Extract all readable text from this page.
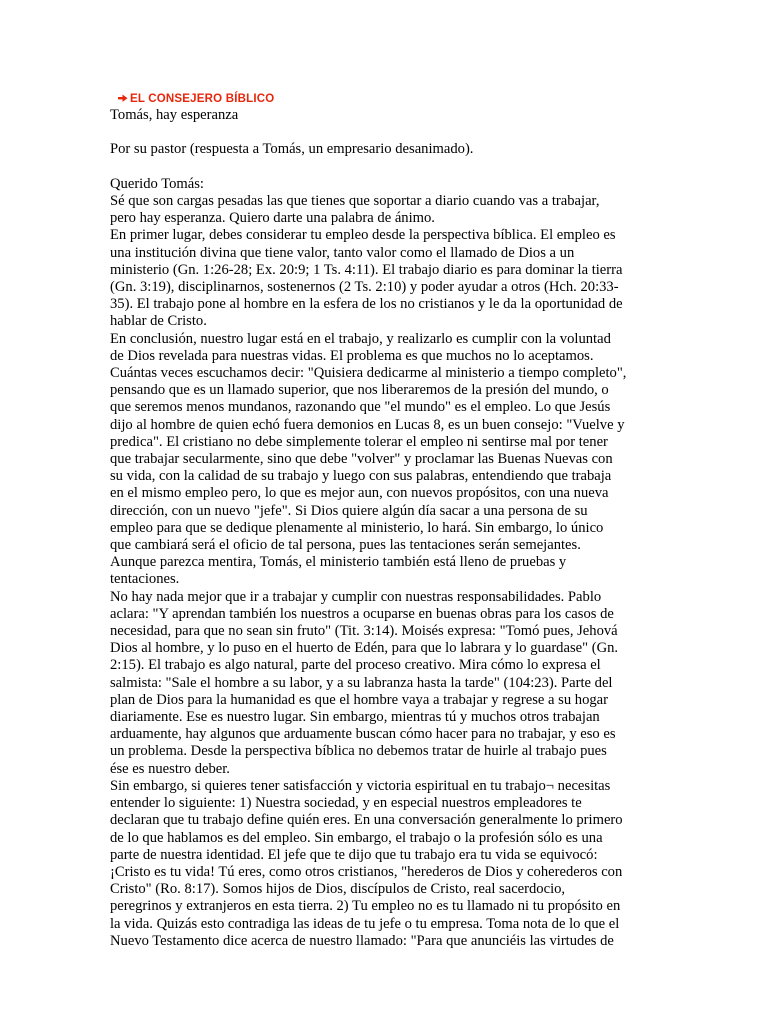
EL CONSEJERO BÍBLICO
Tomás, hay esperanza
Por su pastor (respuesta a Tomás, un empresario desanimado).
Querido Tomás:
Sé que son cargas pesadas las que tienes que soportar a diario cuando vas a trabajar,
pero hay esperanza. Quiero darte una palabra de ánimo.
En primer lugar, debes considerar tu empleo desde la perspectiva bíblica. El empleo es
una institución divina que tiene valor, tanto valor como el llamado de Dios a un
ministerio (Gn. 1:26-28; Ex. 20:9; 1 Ts. 4:11). El trabajo diario es para dominar la tierra
(Gn. 3:19), disciplinarnos, sostenernos (2 Ts. 2:10) y poder ayudar a otros (Hch. 20:33-
35). El trabajo pone al hombre en la esfera de los no cristianos y le da la oportunidad de
hablar de Cristo.
En conclusión, nuestro lugar está en el trabajo, y realizarlo es cumplir con la voluntad
de Dios revelada para nuestras vidas. El problema es que muchos no lo aceptamos.
Cuántas veces escuchamos decir: "Quisiera dedicarme al ministerio a tiempo completo",
pensando que es un llamado superior, que nos liberaremos de la presión del mundo, o
que seremos menos mundanos, razonando que "el mundo" es el empleo. Lo que Jesús
dijo al hombre de quien echó fuera demonios en Lucas 8, es un buen consejo: "Vuelve y
predica". El cristiano no debe simplemente tolerar el empleo ni sentirse mal por tener
que trabajar secularmente, sino que debe "volver" y proclamar las Buenas Nuevas con
su vida, con la calidad de su trabajo y luego con sus palabras, entendiendo que trabaja
en el mismo empleo pero, lo que es mejor aun, con nuevos propósitos, con una nueva
dirección, con un nuevo "jefe". Si Dios quiere algún día sacar a una persona de su
empleo para que se dedique plenamente al ministerio, lo hará. Sin embargo, lo único
que cambiará será el oficio de tal persona, pues las tentaciones serán semejantes.
Aunque parezca mentira, Tomás, el ministerio también está lleno de pruebas y
tentaciones.
No hay nada mejor que ir a trabajar y cumplir con nuestras responsabilidades. Pablo
aclara: "Y aprendan también los nuestros a ocuparse en buenas obras para los casos de
necesidad, para que no sean sin fruto" (Tit. 3:14). Moisés expresa: "Tomó pues, Jehová
Dios al hombre, y lo puso en el huerto de Edén, para que lo labrara y lo guardase" (Gn.
2:15). El trabajo es algo natural, parte del proceso creativo. Mira cómo lo expresa el
salmista: "Sale el hombre a su labor, y a su labranza hasta la tarde" (104:23). Parte del
plan de Dios para la humanidad es que el hombre vaya a trabajar y regrese a su hogar
diariamente. Ese es nuestro lugar. Sin embargo, mientras tú y muchos otros trabajan
arduamente, hay algunos que arduamente buscan cómo hacer para no trabajar, y eso es
un problema. Desde la perspectiva bíblica no debemos tratar de huirle al trabajo pues
ése es nuestro deber.
Sin embargo, si quieres tener satisfacción y victoria espiritual en tu trabajo¬ necesitas
entender lo siguiente: 1) Nuestra sociedad, y en especial nuestros empleadores te
declaran que tu trabajo define quién eres. En una conversación generalmente lo primero
de lo que hablamos es del empleo. Sin embargo, el trabajo o la profesión sólo es una
parte de nuestra identidad. El jefe que te dijo que tu trabajo era tu vida se equivocó:
¡Cristo es tu vida! Tú eres, como otros cristianos, "herederos de Dios y coherederos con
Cristo" (Ro. 8:17). Somos hijos de Dios, discípulos de Cristo, real sacerdocio,
peregrinos y extranjeros en esta tierra. 2) Tu empleo no es tu llamado ni tu propósito en
la vida. Quizás esto contradiga las ideas de tu jefe o tu empresa. Toma nota de lo que el
Nuevo Testamento dice acerca de nuestro llamado: "Para que anunciéis las virtudes de
